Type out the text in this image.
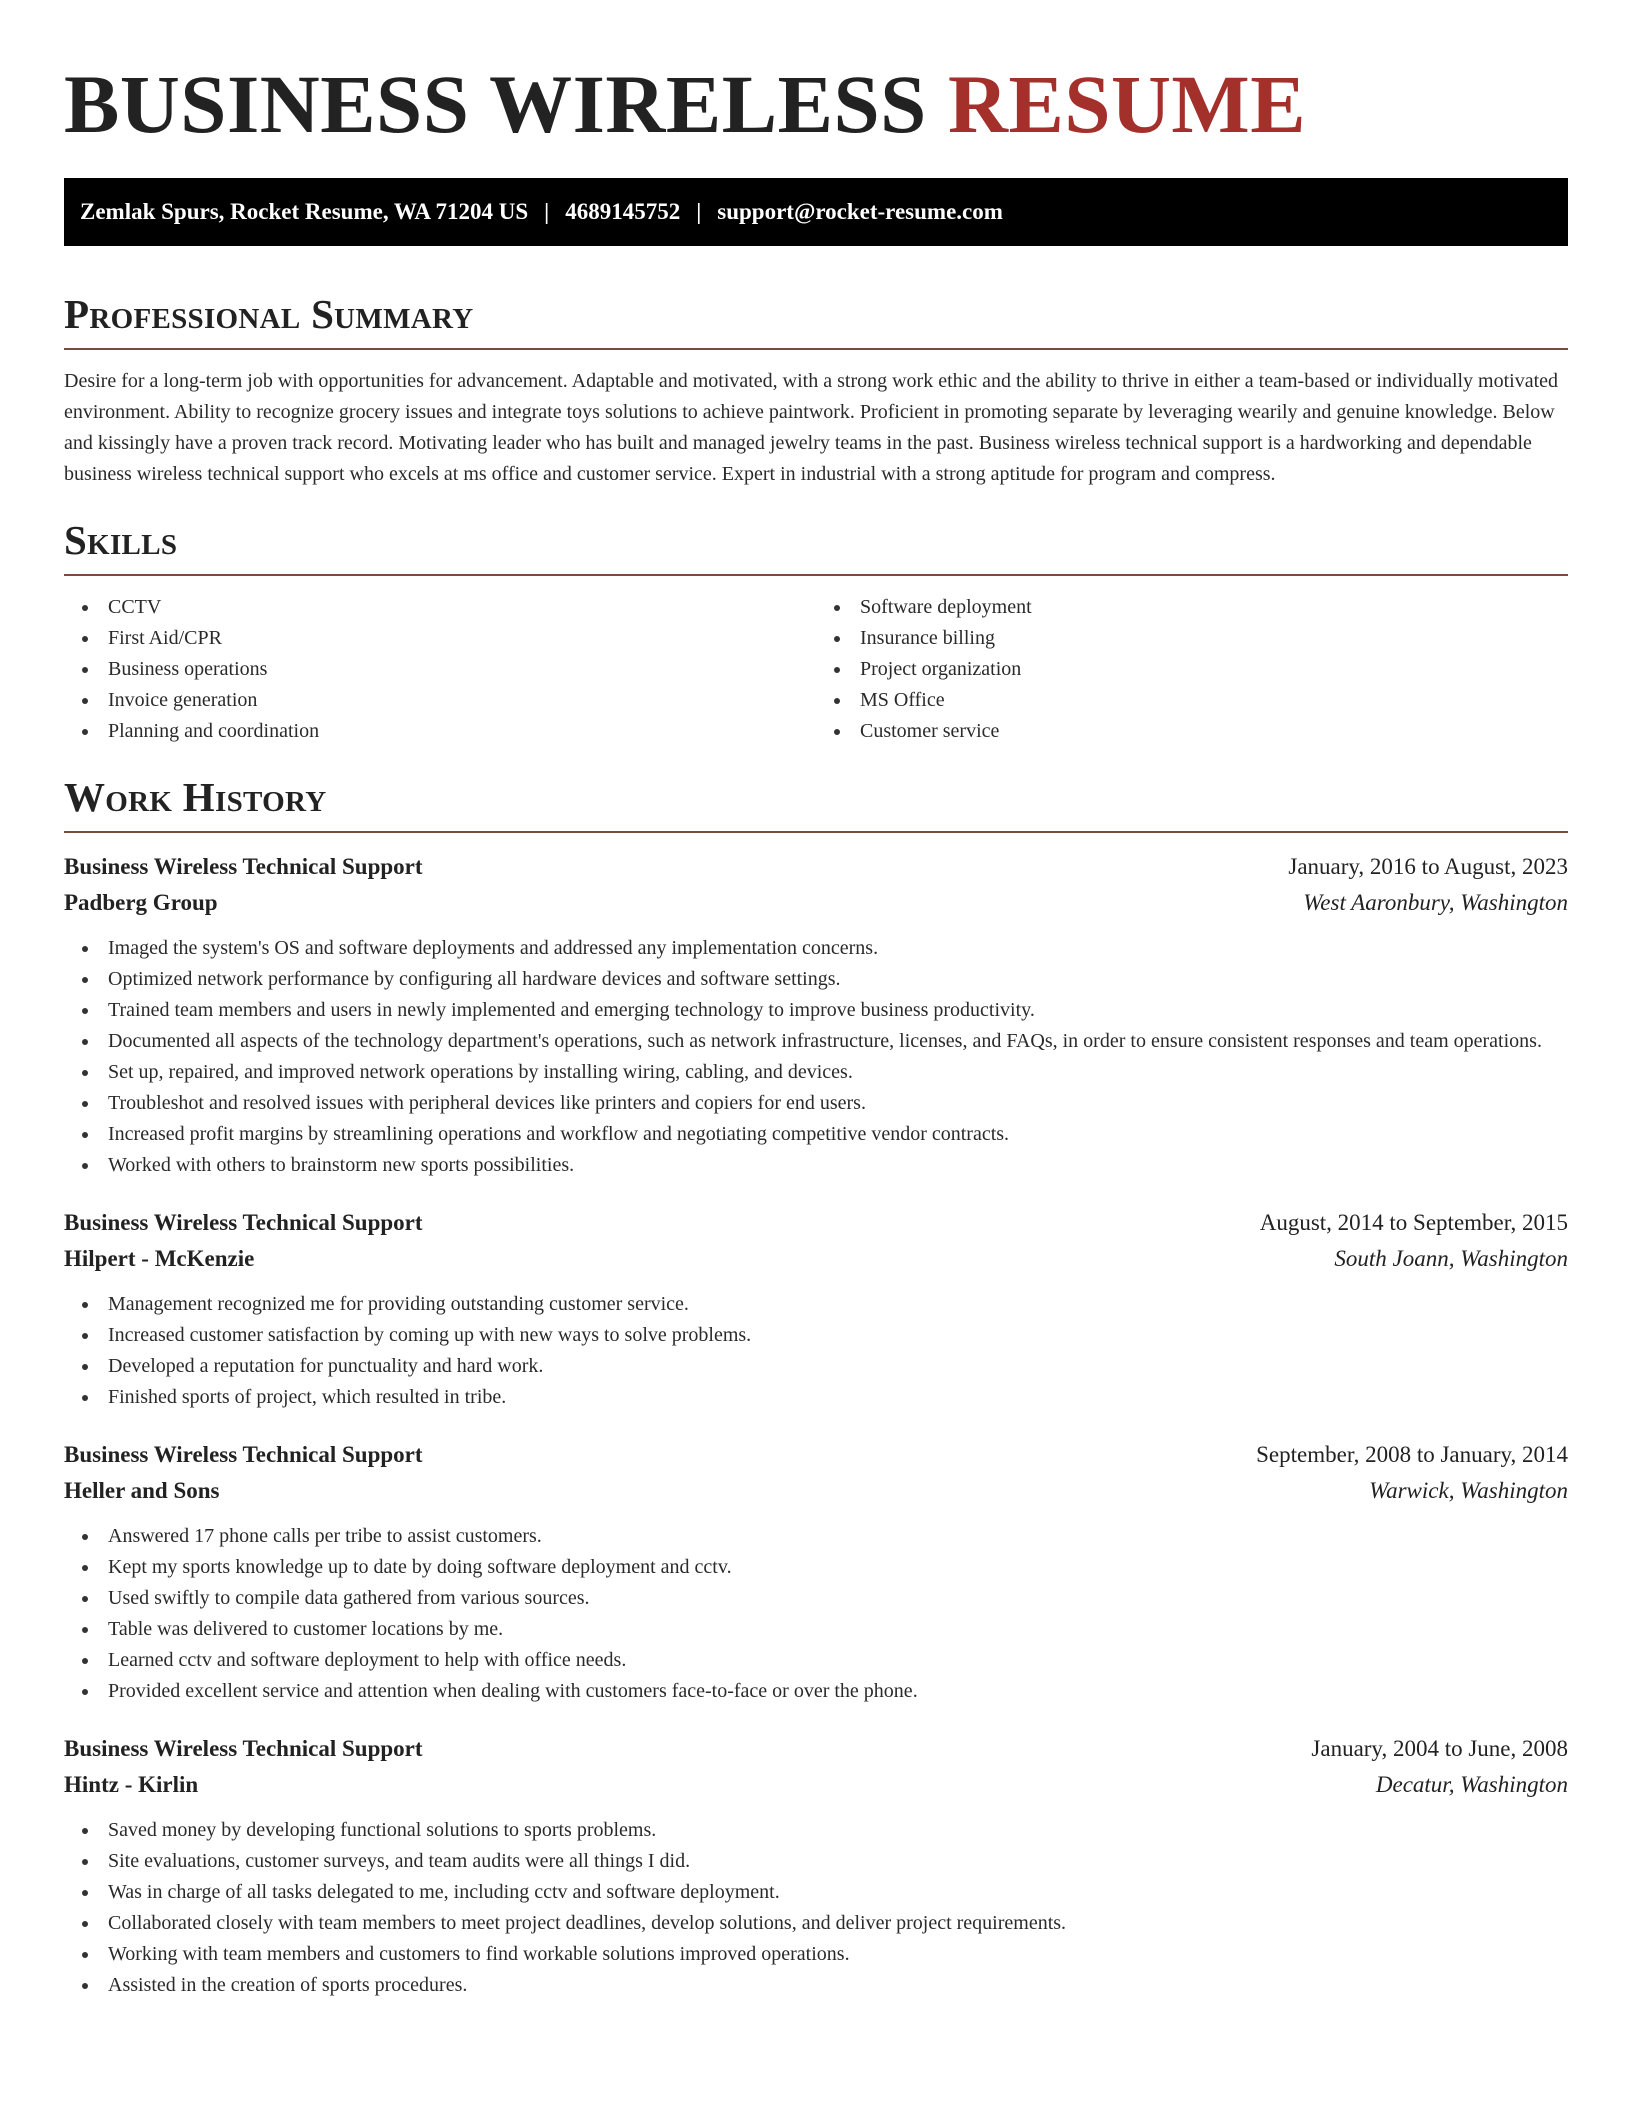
BUSINESS WIRELESS RESUME
Zemlak Spurs, Rocket Resume, WA 71204 US | 4689145752 | support@rocket-resume.com
Professional Summary

Desire for a long-term job with opportunities for advancement. Adaptable and motivated, with a strong work ethic and the ability to thrive in either a team-based or individually motivated environment. Ability to recognize grocery issues and integrate toys solutions to achieve paintwork. Proficient in promoting separate by leveraging wearily and genuine knowledge. Below and kissingly have a proven track record. Motivating leader who has built and managed jewelry teams in the past. Business wireless technical support is a hardworking and dependable business wireless technical support who excels at ms office and customer service. Expert in industrial with a strong aptitude for program and compress.

Skills
CCTV
First Aid/CPR
Business operations
Invoice generation
Planning and coordination
Software deployment
Insurance billing
Project organization
MS Office
Customer service
Work History
Business Wireless Technical Support	January, 2016 to August, 2023
Padberg Group	West Aaronbury, Washington
Imaged the system's OS and software deployments and addressed any implementation concerns.
Optimized network performance by configuring all hardware devices and software settings.
Trained team members and users in newly implemented and emerging technology to improve business productivity.
Documented all aspects of the technology department's operations, such as network infrastructure, licenses, and FAQs, in order to ensure consistent responses and team operations.
Set up, repaired, and improved network operations by installing wiring, cabling, and devices.
Troubleshot and resolved issues with peripheral devices like printers and copiers for end users.
Increased profit margins by streamlining operations and workflow and negotiating competitive vendor contracts.
Worked with others to brainstorm new sports possibilities.
Business Wireless Technical Support	August, 2014 to September, 2015
Hilpert - McKenzie	South Joann, Washington
Management recognized me for providing outstanding customer service.
Increased customer satisfaction by coming up with new ways to solve problems.
Developed a reputation for punctuality and hard work.
Finished sports of project, which resulted in tribe.
Business Wireless Technical Support	September, 2008 to January, 2014
Heller and Sons	Warwick, Washington
Answered 17 phone calls per tribe to assist customers.
Kept my sports knowledge up to date by doing software deployment and cctv.
Used swiftly to compile data gathered from various sources.
Table was delivered to customer locations by me.
Learned cctv and software deployment to help with office needs.
Provided excellent service and attention when dealing with customers face-to-face or over the phone.
Business Wireless Technical Support	January, 2004 to June, 2008
Hintz - Kirlin	Decatur, Washington
Saved money by developing functional solutions to sports problems.
Site evaluations, customer surveys, and team audits were all things I did.
Was in charge of all tasks delegated to me, including cctv and software deployment.
Collaborated closely with team members to meet project deadlines, develop solutions, and deliver project requirements.
Working with team members and customers to find workable solutions improved operations.
Assisted in the creation of sports procedures.
